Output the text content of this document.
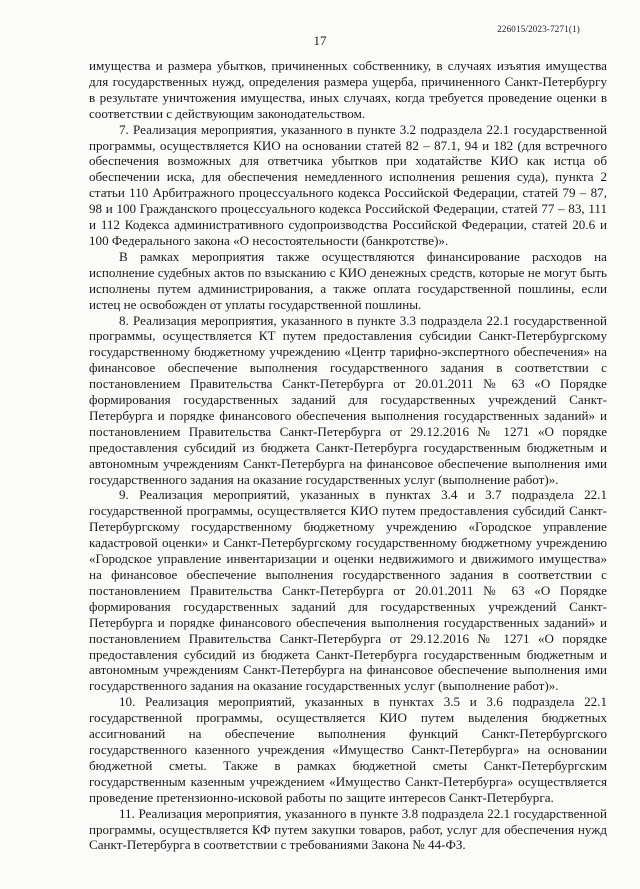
226015/2023-7271(1)
17

имущества и размера убытков, причиненных собственнику, в случаях изъятия имущества для государственных нужд, определения размера ущерба, причиненного Санкт-Петербургу в результате уничтожения имущества, иных случаях, когда требуется проведение оценки в соответствии с действующим законодательством.

7. Реализация мероприятия, указанного в пункте 3.2 подраздела 22.1 государственной программы, осуществляется КИО на основании статей 82 – 87.1, 94 и 182 (для встречного обеспечения возможных для ответчика убытков при ходатайстве КИО как истца об обеспечении иска, для обеспечения немедленного исполнения решения суда), пункта 2 статьи 110 Арбитражного процессуального кодекса Российской Федерации, статей 79 – 87, 98 и 100 Гражданского процессуального кодекса Российской Федерации, статей 77 – 83, 111 и 112 Кодекса административного судопроизводства Российской Федерации, статей 20.6 и 100 Федерального закона «О несостоятельности (банкротстве)».

В рамках мероприятия также осуществляются финансирование расходов на исполнение судебных актов по взысканию с КИО денежных средств, которые не могут быть исполнены путем администрирования, а также оплата государственной пошлины, если истец не освобожден от уплаты государственной пошлины.

8. Реализация мероприятия, указанного в пункте 3.3 подраздела 22.1 государственной программы, осуществляется КТ путем предоставления субсидии Санкт-Петербургскому государственному бюджетному учреждению «Центр тарифно-экспертного обеспечения» на финансовое обеспечение выполнения государственного задания в соответствии с постановлением Правительства Санкт-Петербурга от 20.01.2011 № 63 «О Порядке формирования государственных заданий для государственных учреждений Санкт-Петербурга и порядке финансового обеспечения выполнения государственных заданий» и постановлением Правительства Санкт-Петербурга от 29.12.2016 № 1271 «О порядке предоставления субсидий из бюджета Санкт-Петербурга государственным бюджетным и автономным учреждениям Санкт-Петербурга на финансовое обеспечение выполнения ими государственного задания на оказание государственных услуг (выполнение работ)».

9. Реализация мероприятий, указанных в пунктах 3.4 и 3.7 подраздела 22.1 государственной программы, осуществляется КИО путем предоставления субсидий Санкт-Петербургскому государственному бюджетному учреждению «Городское управление кадастровой оценки» и Санкт-Петербургскому государственному бюджетному учреждению «Городское управление инвентаризации и оценки недвижимого и движимого имущества» на финансовое обеспечение выполнения государственного задания в соответствии с постановлением Правительства Санкт-Петербурга от 20.01.2011 № 63 «О Порядке формирования государственных заданий для государственных учреждений Санкт-Петербурга и порядке финансового обеспечения выполнения государственных заданий» и постановлением Правительства Санкт-Петербурга от 29.12.2016 № 1271 «О порядке предоставления субсидий из бюджета Санкт-Петербурга государственным бюджетным и автономным учреждениям Санкт-Петербурга на финансовое обеспечение выполнения ими государственного задания на оказание государственных услуг (выполнение работ)».

10. Реализация мероприятий, указанных в пунктах 3.5 и 3.6 подраздела 22.1 государственной программы, осуществляется КИО путем выделения бюджетных ассигнований на обеспечение выполнения функций Санкт-Петербургского государственного казенного учреждения «Имущество Санкт-Петербурга» на основании бюджетной сметы. Также в рамках бюджетной сметы Санкт-Петербургским государственным казенным учреждением «Имущество Санкт-Петербурга» осуществляется проведение претензионно-исковой работы по защите интересов Санкт-Петербурга.

11. Реализация мероприятия, указанного в пункте 3.8 подраздела 22.1 государственной программы, осуществляется КФ путем закупки товаров, работ, услуг для обеспечения нужд Санкт-Петербурга в соответствии с требованиями Закона № 44-ФЗ.
